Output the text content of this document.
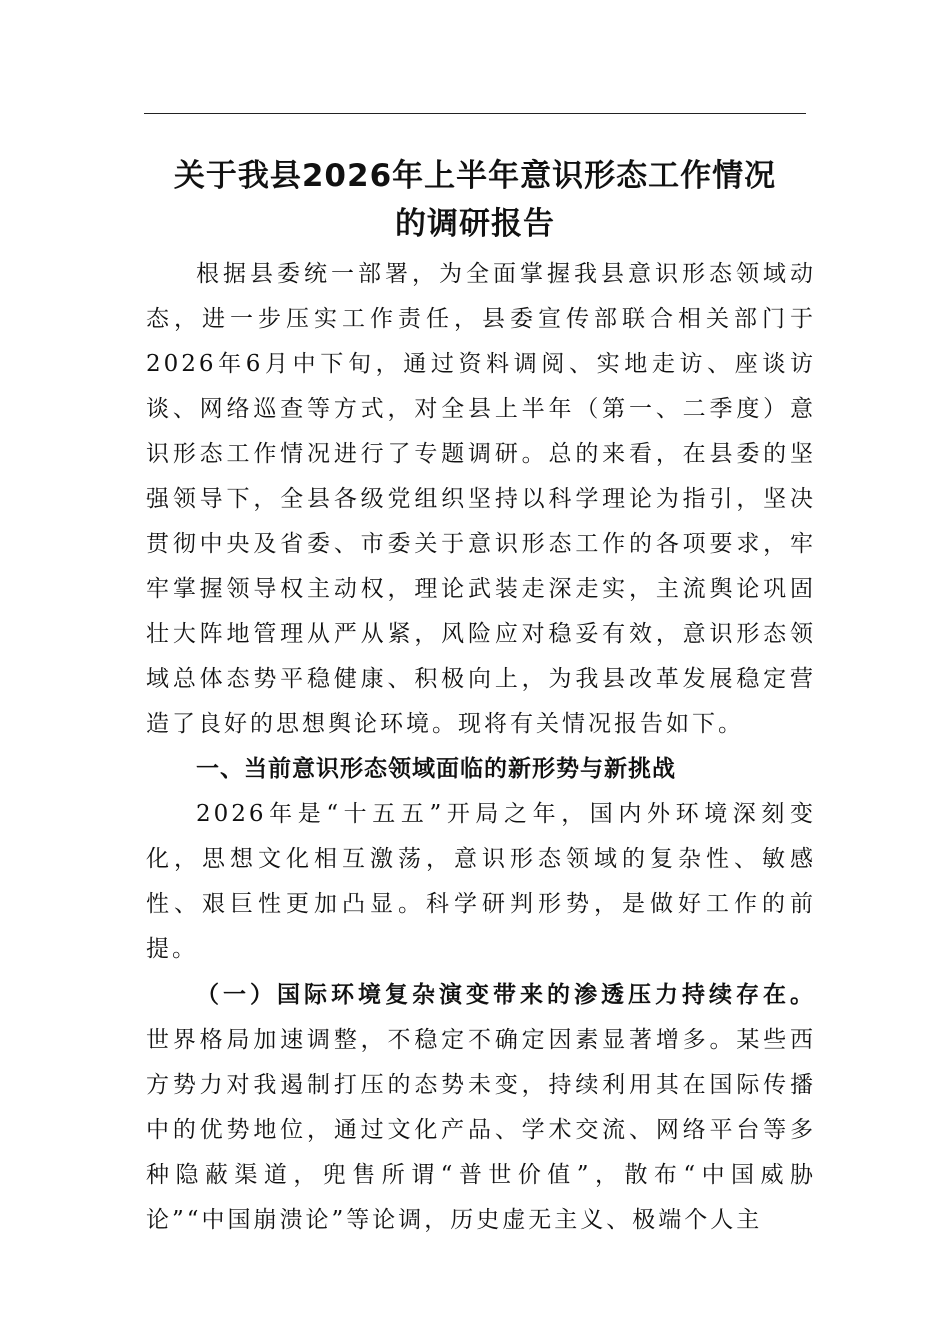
关于我县2026年上半年意识形态工作情况
的调研报告

根据县委统一部署，为全面掌握我县意识形态领域动态，进一步压实工作责任，县委宣传部联合相关部门于2026年6月中下旬，通过资料调阅、实地走访、座谈访谈、网络巡查等方式，对全县上半年（第一、二季度）意识形态工作情况进行了专题调研。总的来看，在县委的坚强领导下，全县各级党组织坚持以科学理论为指引，坚决贯彻中央及省委、市委关于意识形态工作的各项要求，牢牢掌握领导权主动权，理论武装走深走实，主流舆论巩固壮大阵地管理从严从紧，风险应对稳妥有效，意识形态领域总体态势平稳健康、积极向上，为我县改革发展稳定营造了良好的思想舆论环境。现将有关情况报告如下。

一、当前意识形态领域面临的新形势与新挑战

2026年是“十五五”开局之年，国内外环境深刻变化，思想文化相互激荡，意识形态领域的复杂性、敏感性、艰巨性更加凸显。科学研判形势，是做好工作的前提。

（一）国际环境复杂演变带来的渗透压力持续存在。世界格局加速调整，不稳定不确定因素显著增多。某些西方势力对我遏制打压的态势未变，持续利用其在国际传播中的优势地位，通过文化产品、学术交流、网络平台等多种隐蔽渠道，兜售所谓“普世价值”，散布“中国威胁论”“中国崩溃论”等论调，历史虚无主义、极端个人主
